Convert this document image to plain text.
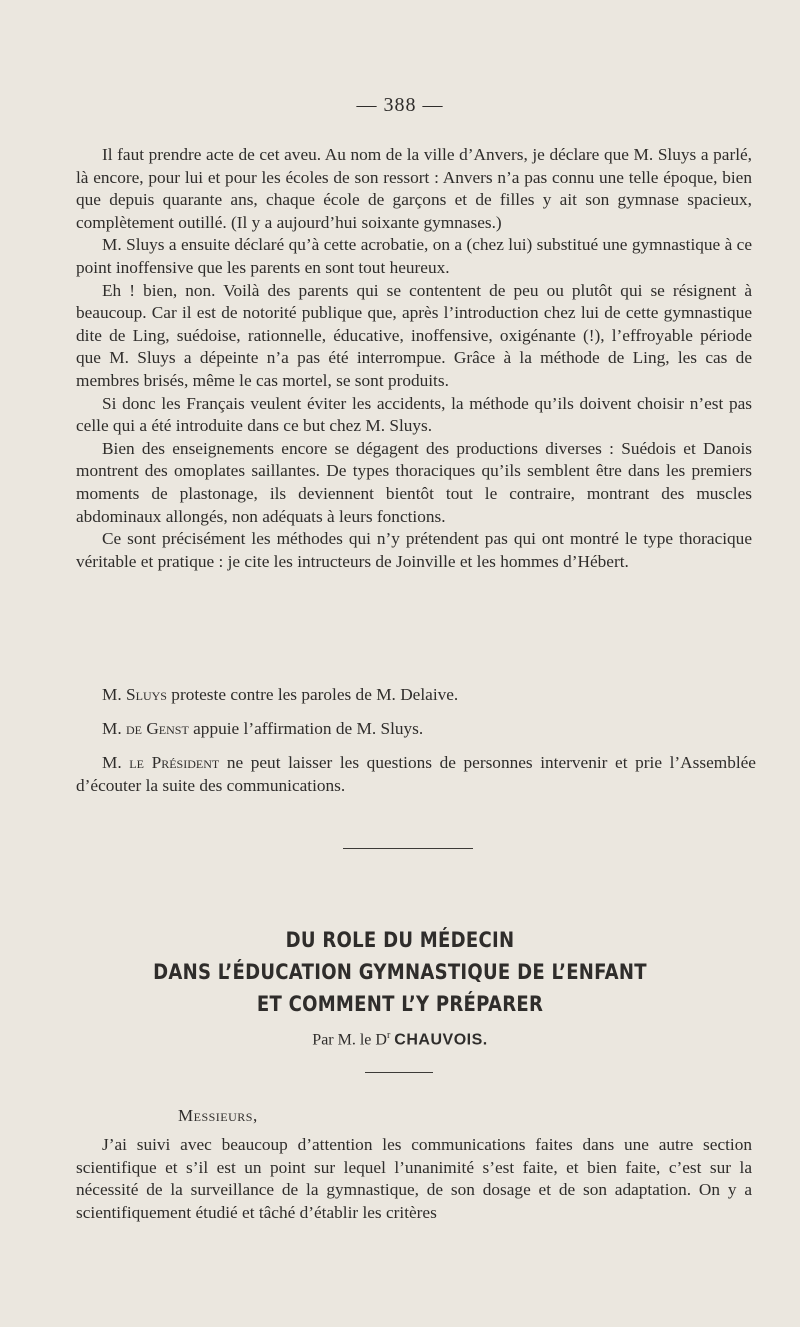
— 388 —

Il faut prendre acte de cet aveu. Au nom de la ville d’Anvers, je déclare que M. Sluys a parlé, là encore, pour lui et pour les écoles de son ressort : Anvers n’a pas connu une telle époque, bien que depuis quarante ans, chaque école de garçons et de filles y ait son gymnase spacieux, complètement outillé. (Il y a aujourd’hui soixante gymnases.)

M. Sluys a ensuite déclaré qu’à cette acrobatie, on a (chez lui) substitué une gymnastique à ce point inoffensive que les parents en sont tout heureux.

Eh ! bien, non. Voilà des parents qui se contentent de peu ou plutôt qui se résignent à beaucoup. Car il est de notorité publique que, après l’introduction chez lui de cette gymnastique dite de Ling, suédoise, rationnelle, éducative, inoffensive, oxigénante (!), l’effroyable période que M. Sluys a dépeinte n’a pas été interrompue. Grâce à la méthode de Ling, les cas de membres brisés, même le cas mortel, se sont produits.

Si donc les Français veulent éviter les accidents, la méthode qu’ils doivent choisir n’est pas celle qui a été introduite dans ce but chez M. Sluys.

Bien des enseignements encore se dégagent des productions diverses : Suédois et Danois montrent des omoplates saillantes. De types thoraciques qu’ils semblent être dans les premiers moments de plastonage, ils deviennent bientôt tout le contraire, montrant des muscles abdominaux allongés, non adéquats à leurs fonctions.

Ce sont précisément les méthodes qui n’y prétendent pas qui ont montré le type thoracique véritable et pratique : je cite les intructeurs de Joinville et les hommes d’Hébert.

M. Sluys proteste contre les paroles de M. Delaive.

M. de Genst appuie l’affirmation de M. Sluys.

M. le Président ne peut laisser les questions de personnes intervenir et prie l’Assemblée d’écouter la suite des communications.

DU ROLE DU MÉDECIN
DANS L’ÉDUCATION GYMNASTIQUE DE L’ENFANT
ET COMMENT L’Y PRÉPARER
Par M. le $D^r$ CHAUVOIS.
Messieurs,

J’ai suivi avec beaucoup d’attention les communications faites dans une autre section scientifique et s’il est un point sur lequel l’unanimité s’est faite, et bien faite, c’est sur la nécessité de la surveillance de la gymnastique, de son dosage et de son adaptation. On y a scientifiquement étudié et tâché d’établir les critères
